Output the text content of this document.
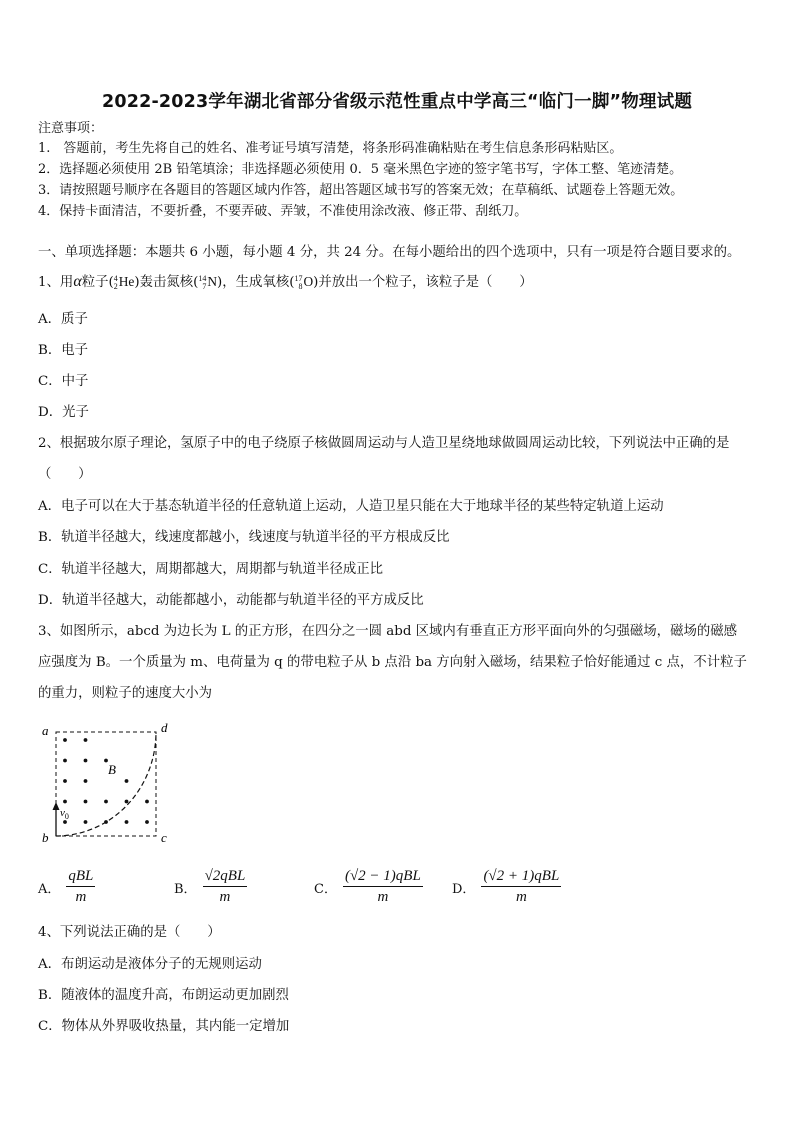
2022-2023学年湖北省部分省级示范性重点中学高三“临门一脚”物理试题
注意事项：
1.　答题前，考生先将自己的姓名、准考证号填写清楚，将条形码准确粘贴在考生信息条形码粘贴区。
2．选择题必须使用 2B 铅笔填涂；非选择题必须使用 0．5 毫米黑色字迹的签字笔书写，字体工整、笔迹清楚。
3．请按照题号顺序在各题目的答题区域内作答，超出答题区域书写的答案无效；在草稿纸、试题卷上答题无效。
4．保持卡面清洁，不要折叠，不要弄破、弄皱，不准使用涂改液、修正带、刮纸刀。
一、单项选择题：本题共 6 小题，每小题 4 分，共 24 分。在每小题给出的四个选项中，只有一项是符合题目要求的。
1、用α粒子( 4
2 He)轰击氮核( 14
7 N)，生成氧核( 17
8 O)并放出一个粒子，该粒子是（　　）
A．质子
B．电子
C．中子
D．光子
2、根据玻尔原子理论，氢原子中的电子绕原子核做圆周运动与人造卫星绕地球做圆周运动比较，下列说法中正确的是
（　　）
A．电子可以在大于基态轨道半径的任意轨道上运动，人造卫星只能在大于地球半径的某些特定轨道上运动
B．轨道半径越大，线速度都越小，线速度与轨道半径的平方根成反比
C．轨道半径越大，周期都越大，周期都与轨道半径成正比
D．轨道半径越大，动能都越小，动能都与轨道半径的平方成反比
3、如图所示，abcd 为边长为 L 的正方形，在四分之一圆 abd 区域内有垂直正方形平面向外的匀强磁场，磁场的磁感
应强度为 B。一个质量为 m、电荷量为 q 的带电粒子从 b 点沿 ba 方向射入磁场，结果粒子恰好能通过 c 点，不计粒子
的重力，则粒子的速度大小为
a	d
b	c
B
$v_0$
A． $\frac{\text{qBL}}{m}$	B． $\frac{\text{√2qBL}}{m}$	C． $\frac{\text{(√2 − 1)qBL}}{m}$ D． $\frac{\text{(√2 + 1)qBL}}{m}$
4、下列说法正确的是（　　）
A．布朗运动是液体分子的无规则运动
B．随液体的温度升高，布朗运动更加剧烈
C．物体从外界吸收热量，其内能一定增加
